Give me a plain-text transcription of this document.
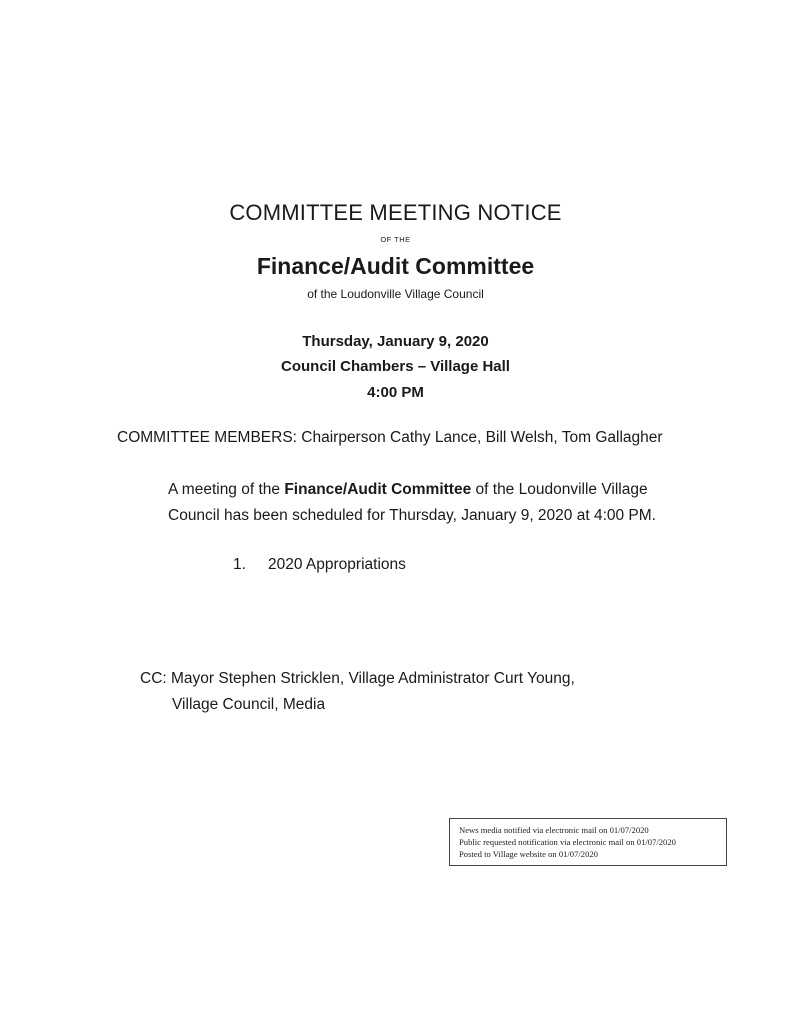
COMMITTEE MEETING NOTICE
OF THE
Finance/Audit Committee
of the Loudonville Village Council
Thursday, January 9, 2020
Council Chambers – Village Hall
4:00 PM
COMMITTEE MEMBERS: Chairperson Cathy Lance, Bill Welsh, Tom Gallagher
A meeting of the Finance/Audit Committee of the Loudonville Village
Council has been scheduled for Thursday, January 9, 2020 at 4:00 PM.
1. 2020 Appropriations
CC: Mayor Stephen Stricklen, Village Administrator Curt Young,
Village Council, Media
News media notified via electronic mail on 01/07/2020
Public requested notification via electronic mail on 01/07/2020
Posted to Village website on 01/07/2020
